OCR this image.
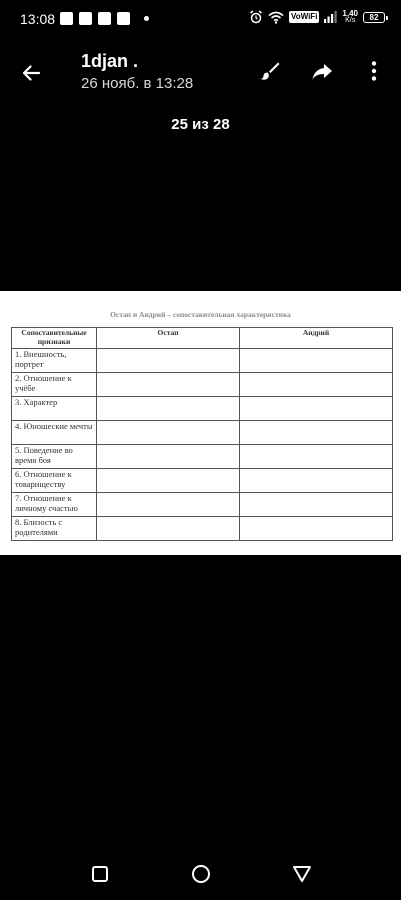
13:08	VoWiFi	1,40
K/s 82
1djan .
26 нояб. в 13:28
25 из 28
Остап и Андрий – сопоставительная характеристика
Сопоставительные признаки	Остап	Андрий
1. Внешность, портрет		
2. Отношение к учёбе		
3. Характер		
4. Юношеские мечты		
5. Поведение во время боя		
6. Отношение к товариществу		
7. Отношение к личному счастью		
8. Близость с родителями		
